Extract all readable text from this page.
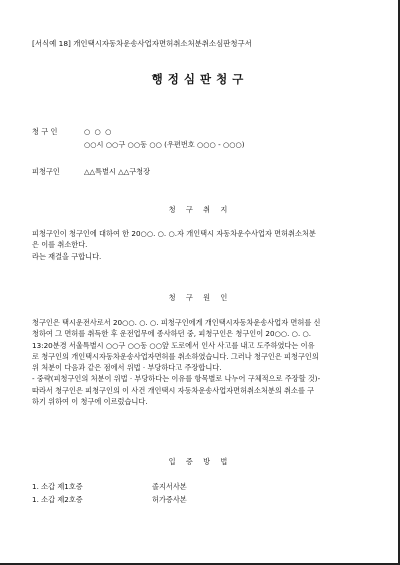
[서식예 18] 개인택시자동차운송사업자면허취소처분취소심판청구서
행정심판청구
청 구 인	○ ○ ○
○○시 ○○구 ○○동 ○○ (우편번호 ○○○ - ○○○)
피청구인	△△특별시 △△구청장
청 구 취 지

피청구인이 청구인에 대하여 한 20○○. ○. ○.자 개인택시 자동차운수사업자 면허취소처분

은 이를 취소한다.

라는 재결을 구합니다.

청 구 원 인

청구인은 택시운전사로서 20○○. ○. ○. 피청구인에게 개인택시자동차운송사업자 면허를 신

청하여 그 면허를 취득한 후 운전업무에 종사하던 중, 피청구인은 청구인이 20○○. ○. ○.

13:20분경 서울특별시 ○○구 ○○동 ○○앞 도로에서 인사 사고를 내고 도주하였다는 이유

로 청구인의 개인택시자동차운송사업자면허를 취소하였습니다. 그러나 청구인은 피청구인의

위 처분이 다음과 같은 점에서 위법 · 부당하다고 주장합니다.

- 중략(피청구인의 처분이 위법 · 부당하다는 이유를 항목별로 나누어 구체적으로 주장할 것)-

따라서 청구인은 피청구인의 이 사건 개인택시 자동차운송사업자면허취소처분의 취소를 구

하기 위하여 이 청구에 이르렀습니다.

입 증 방 법
1. 소갑 제1호증	졸지서사본
1. 소갑 제2호증	허가증사본
